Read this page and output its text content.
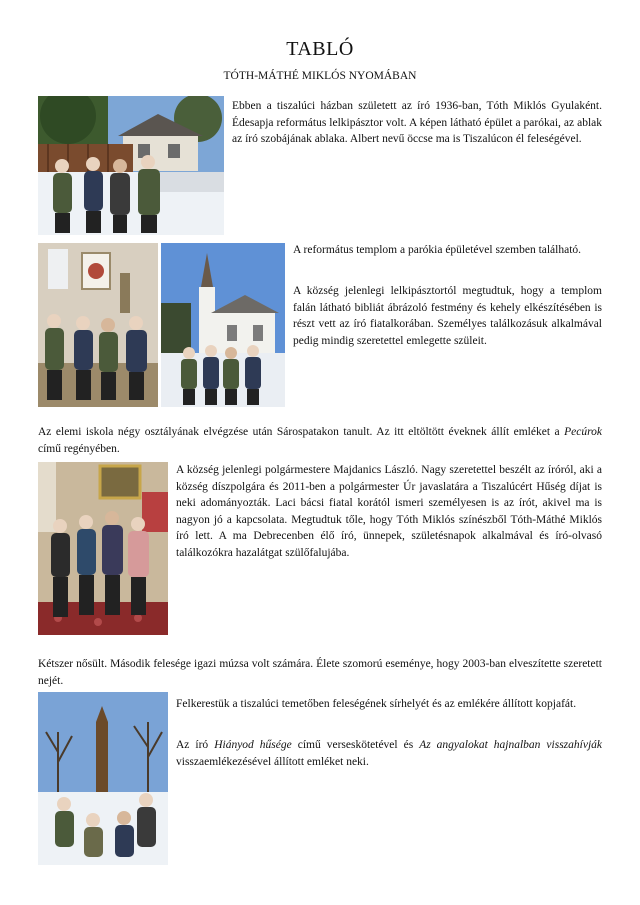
TABLÓ
TÓTH-MÁTHÉ MIKLÓS NYOMÁBAN
Ebben a tiszalúci házban született az író 1936-ban, Tóth Miklós Gyulaként. Édesapja református lelkipásztor volt. A képen látható épület a parókai, az ablak az író szobájának ablaka. Albert nevű öccse ma is Tiszalúcon él feleségével.
A református templom a parókia épületével szemben található.
A község jelenlegi lelkipásztortól megtudtuk, hogy a templom falán látható bibliát ábrázoló festmény és kehely elkészítésében is részt vett az író fiatalkorában. Személyes találkozásuk alkalmával pedig mindig szeretettel emlegette szüleit.

Az elemi iskola négy osztályának elvégzése után Sárospatakon tanult. Az itt eltöltött éveknek állít emléket a Pecúrok című regényében.

A község jelenlegi polgármestere Majdanics László. Nagy szeretettel beszélt az íróról, aki a község díszpolgára és 2011-ben a polgármester Úr javaslatára a Tiszalúcért Hűség díjat is neki adományozták. Laci bácsi fiatal korától ismeri személyesen is az írót, akivel ma is nagyon jó a kapcsolata. Megtudtuk tőle, hogy Tóth Miklós színészből Tóth-Máthé Miklós író lett. A ma Debrecenben élő író, ünnepek, születésnapok alkalmával és író-olvasó találkozókra hazalátgat szülőfalujába.
Kétszer nősült. Második felesége igazi múzsa volt számára. Élete szomorú eseménye, hogy 2003-ban elveszítette szeretett nejét.
Felkerestük a tiszalúci temetőben feleségének sírhelyét és az emlékére állított kopjafát.

Az író Hiányod hűsége című verseskötetével és Az angyalokat hajnalban visszahívják visszaemlékezésével állított emléket neki.
